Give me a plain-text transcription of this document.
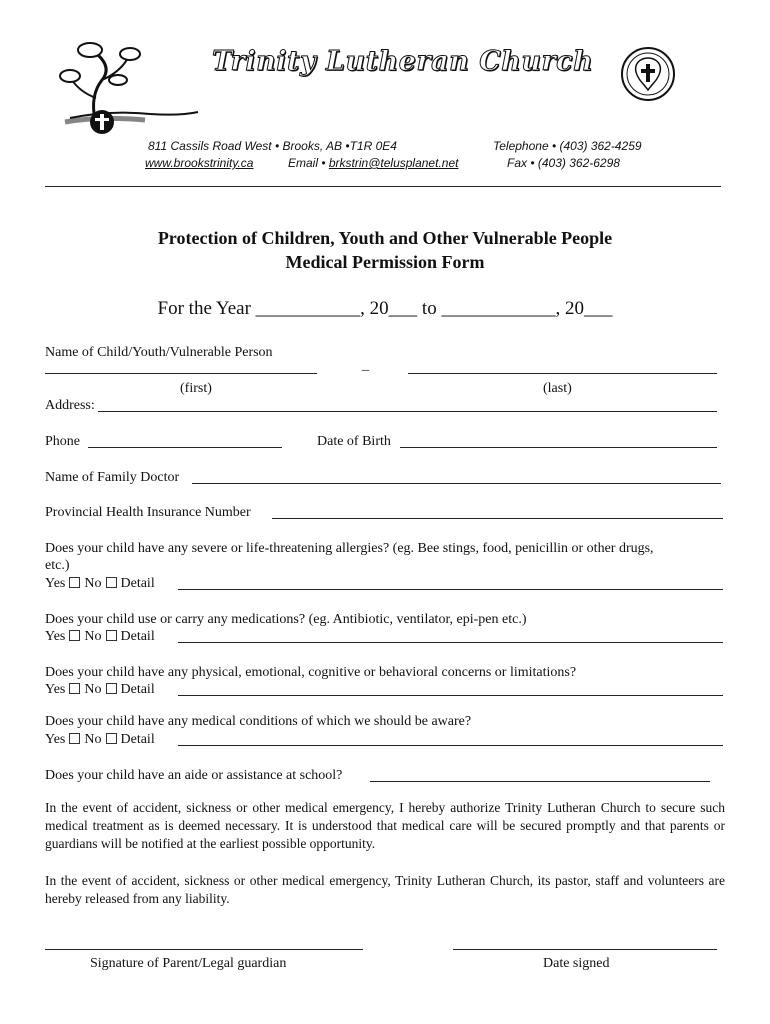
Trinity Lutheran Church
811 Cassils Road West • Brooks, AB •T1R 0E4	Telephone • (403) 362-4259
www.brookstrinity.ca	Email • brkstrin@telusplanet.net	Fax • (403) 362-6298
Protection of Children, Youth and Other Vulnerable People
Medical Permission Form
For the Year ___________, 20___ to ____________, 20___
Name of Child/Youth/Vulnerable Person
_
(first)	(last)
Address:
Phone	Date of Birth
Name of Family Doctor
Provincial Health Insurance Number
Does your child have any severe or life-threatening allergies? (eg. Bee stings, food, penicillin or other drugs,
etc.)
Yes No Detail
Does your child use or carry any medications? (eg. Antibiotic, ventilator, epi-pen etc.)
Yes No Detail
Does your child have any physical, emotional, cognitive or behavioral concerns or limitations?
Yes No Detail
Does your child have any medical conditions of which we should be aware?
Yes No Detail
Does your child have an aide or assistance at school?
In the event of accident, sickness or other medical emergency, I hereby authorize Trinity Lutheran Church to secure such medical treatment as is deemed necessary. It is understood that medical care will be secured promptly and that parents or guardians will be notified at the earliest possible opportunity.
In the event of accident, sickness or other medical emergency, Trinity Lutheran Church, its pastor, staff and volunteers are hereby released from any liability.
Signature of Parent/Legal guardian	Date signed
